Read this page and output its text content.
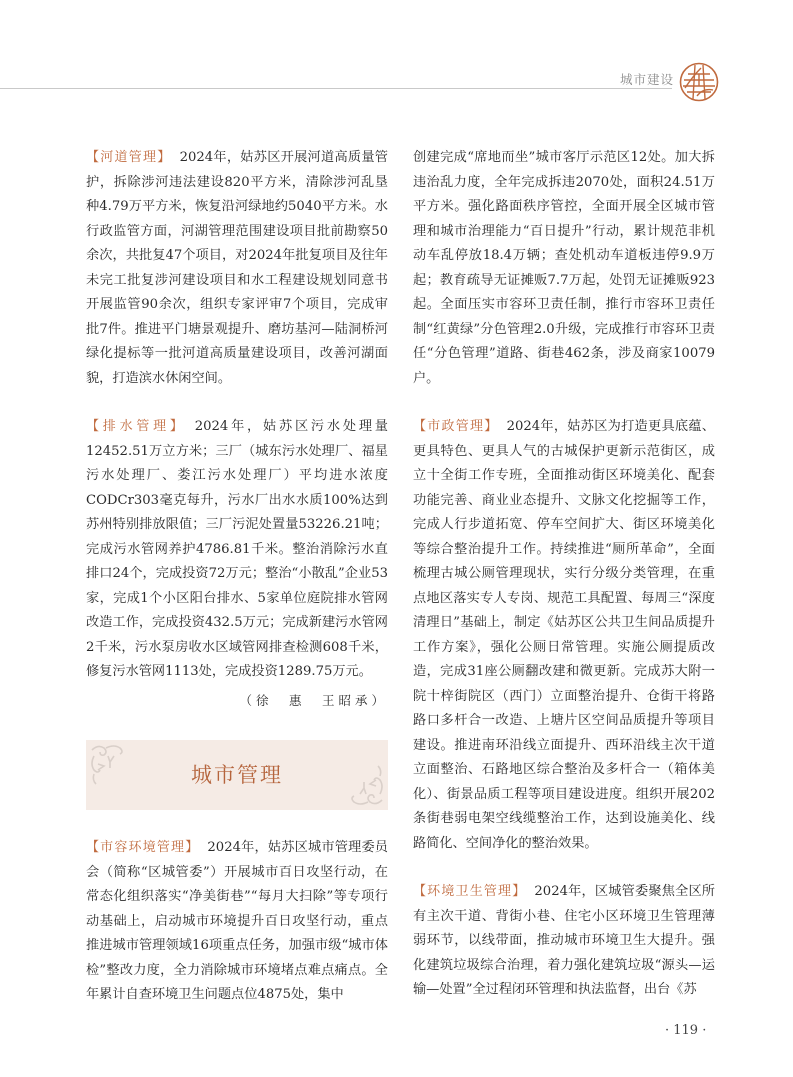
城市建设

【河道管理】 2024年，姑苏区开展河道高质量管护，拆除涉河违法建设820平方米，清除涉河乱垦种4.79万平方米，恢复沿河绿地约5040平方米。水行政监管方面，河湖管理范围建设项目批前勘察50余次，共批复47个项目，对2024年批复项目及往年未完工批复涉河建设项目和水工程建设规划同意书开展监管90余次，组织专家评审7个项目，完成审批7件。推进平门塘景观提升、磨坊基河—陆洞桥河绿化提标等一批河道高质量建设项目，改善河湖面貌，打造滨水休闲空间。

【排水管理】 2024年，姑苏区污水处理量12452.51万立方米；三厂（城东污水处理厂、福星污水处理厂、娄江污水处理厂）平均进水浓度CODCr303毫克每升，污水厂出水水质100%达到苏州特别排放限值；三厂污泥处置量53226.21吨；完成污水管网养护4786.81千米。整治消除污水直排口24个，完成投资72万元；整治“小散乱”企业53家，完成1个小区阳台排水、5家单位庭院排水管网改造工作，完成投资432.5万元；完成新建污水管网2千米，污水泵房收水区域管网排查检测608千米，修复污水管网1113处，完成投资1289.75万元。

（徐　惠　王昭承）

城市管理

【市容环境管理】 2024年，姑苏区城市管理委员会（简称“区城管委”）开展城市百日攻坚行动，在常态化组织落实“净美街巷”“每月大扫除”等专项行动基础上，启动城市环境提升百日攻坚行动，重点推进城市管理领域16项重点任务，加强市级“城市体检”整改力度，全力消除城市环境堵点难点痛点。全年累计自查环境卫生问题点位4875处，集中

创建完成“席地而坐”城市客厅示范区12处。加大拆违治乱力度，全年完成拆违2070处，面积24.51万平方米。强化路面秩序管控，全面开展全区城市管理和城市治理能力“百日提升”行动，累计规范非机动车乱停放18.4万辆；查处机动车道板违停9.9万起；教育疏导无证摊贩7.7万起，处罚无证摊贩923起。全面压实市容环卫责任制，推行市容环卫责任制“红黄绿”分色管理2.0升级，完成推行市容环卫责任“分色管理”道路、街巷462条，涉及商家10079户。

【市政管理】 2024年，姑苏区为打造更具底蕴、更具特色、更具人气的古城保护更新示范街区，成立十全街工作专班，全面推动街区环境美化、配套功能完善、商业业态提升、文脉文化挖掘等工作，完成人行步道拓宽、停车空间扩大、街区环境美化等综合整治提升工作。持续推进“厕所革命”，全面梳理古城公厕管理现状，实行分级分类管理，在重点地区落实专人专岗、规范工具配置、每周三“深度清理日”基础上，制定《姑苏区公共卫生间品质提升工作方案》，强化公厕日常管理。实施公厕提质改造，完成31座公厕翻改建和微更新。完成苏大附一院十梓街院区（西门）立面整治提升、仓街干将路路口多杆合一改造、上塘片区空间品质提升等项目建设。推进南环沿线立面提升、西环沿线主次干道立面整治、石路地区综合整治及多杆合一（箱体美化）、街景品质工程等项目建设进度。组织开展202条街巷弱电架空线缆整治工作，达到设施美化、线路简化、空间净化的整治效果。

【环境卫生管理】 2024年，区城管委聚焦全区所有主次干道、背街小巷、住宅小区环境卫生管理薄弱环节，以线带面，推动城市环境卫生大提升。强化建筑垃圾综合治理，着力强化建筑垃圾“源头—运输—处置”全过程闭环管理和执法监督，出台《苏

· 119 ·
